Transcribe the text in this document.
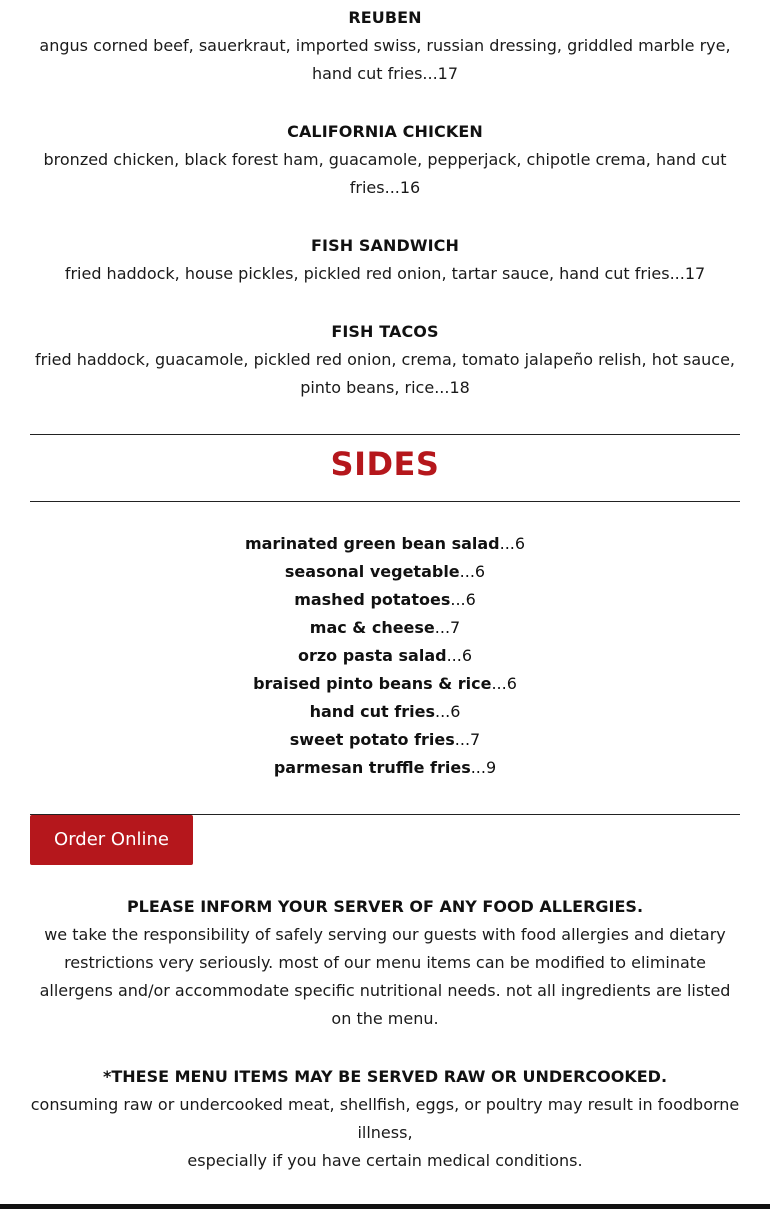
REUBEN
angus corned beef, sauerkraut, imported swiss, russian dressing, griddled marble rye, hand cut fries...17
CALIFORNIA CHICKEN
bronzed chicken, black forest ham, guacamole, pepperjack, chipotle crema, hand cut fries...16
FISH SANDWICH
fried haddock, house pickles, pickled red onion, tartar sauce, hand cut fries...17
FISH TACOS
fried haddock, guacamole, pickled red onion, crema, tomato jalapeño relish, hot sauce, pinto beans, rice...18
SIDES
marinated green bean salad...6
seasonal vegetable...6
mashed potatoes...6
mac & cheese...7
orzo pasta salad...6
braised pinto beans & rice...6
hand cut fries...6
sweet potato fries...7
parmesan truffle fries...9
Order Online
PLEASE INFORM YOUR SERVER OF ANY FOOD ALLERGIES.
we take the responsibility of safely serving our guests with food allergies and dietary restrictions very seriously. most of our menu items can be modified to eliminate allergens and/or accommodate specific nutritional needs. not all ingredients are listed on the menu.
*THESE MENU ITEMS MAY BE SERVED RAW OR UNDERCOOKED.
consuming raw or undercooked meat, shellfish, eggs, or poultry may result in foodborne illness,
especially if you have certain medical conditions.
